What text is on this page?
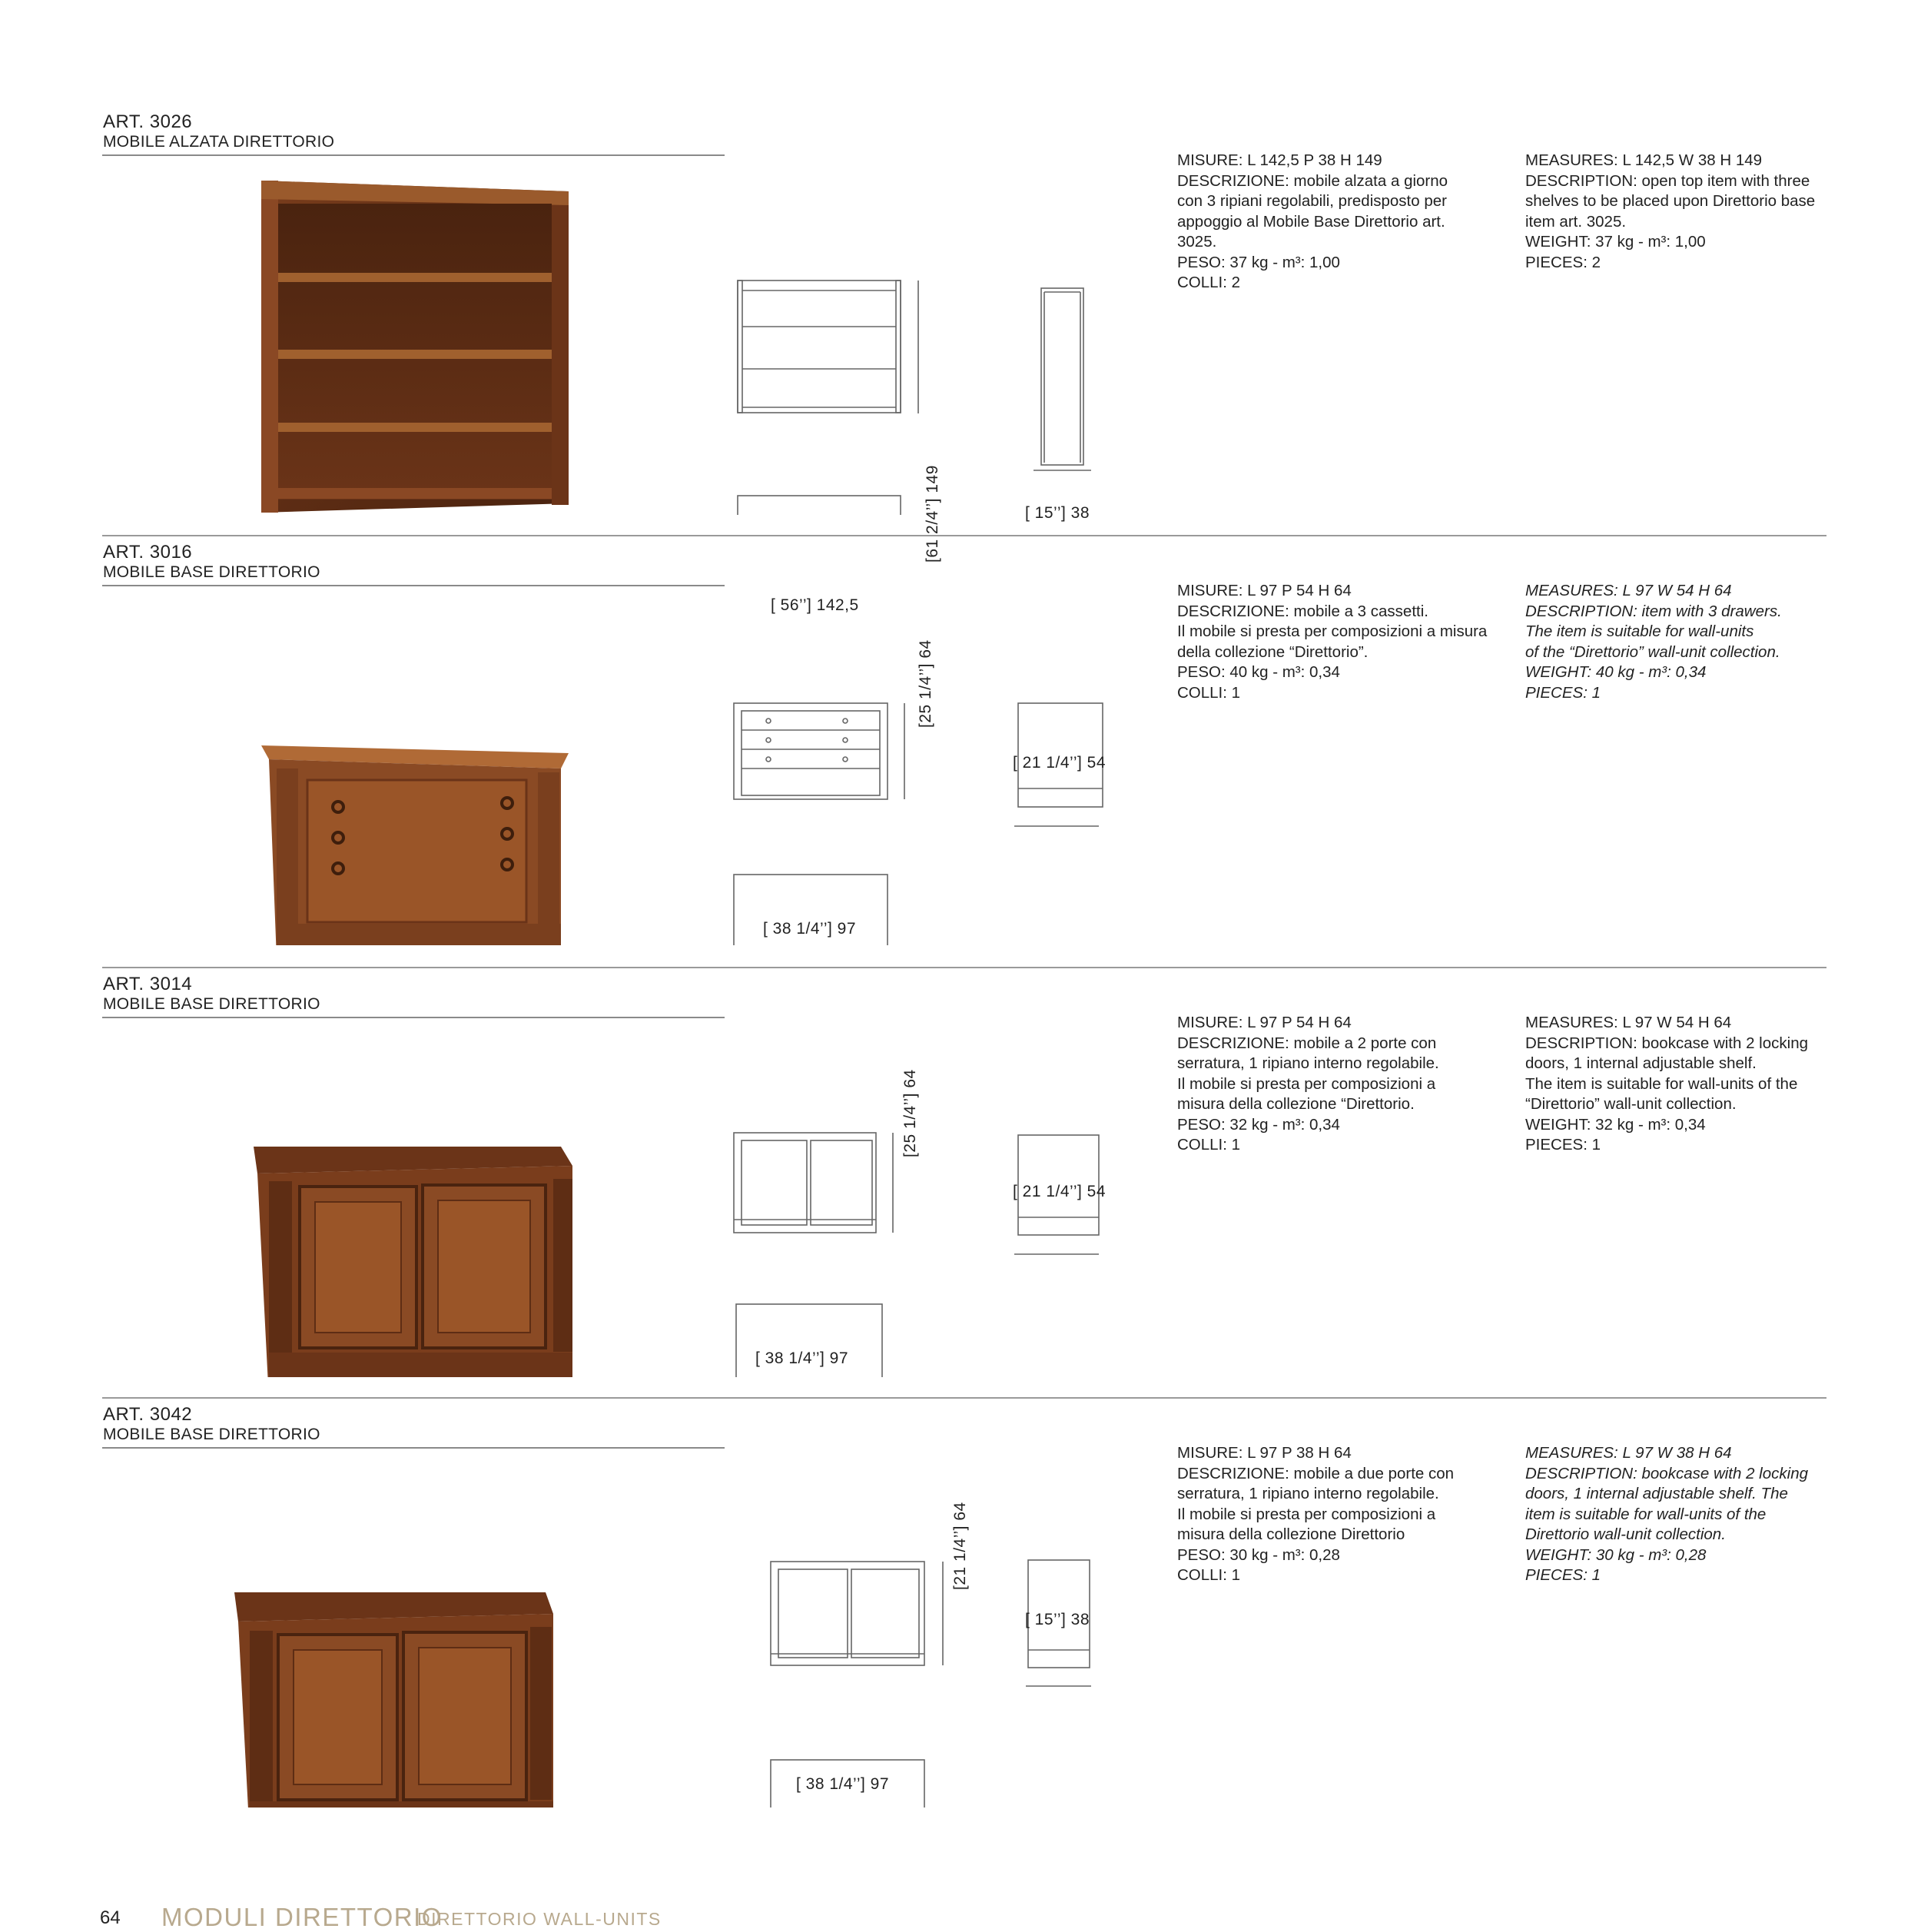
ART. 3026
MOBILE ALZATA DIRETTORIO
[61 2/4’’] 149	[ 15’’] 38
[ 56’’] 142,5
MISURE: L 142,5 P 38 H 149
DESCRIZIONE: mobile alzata a giorno
con 3 ripiani regolabili, predisposto per
appoggio al Mobile Base Direttorio art.
3025.
PESO: 37 kg - m³: 1,00
COLLI: 2
MEASURES: L 142,5 W 38 H 149
DESCRIPTION: open top item with three
shelves to be placed upon Direttorio base
item art. 3025.
WEIGHT: 37 kg - m³: 1,00
PIECES: 2
ART. 3016
MOBILE BASE DIRETTORIO
[25 1/4’’] 64
[ 21 1/4’’] 54
[ 38 1/4’’] 97
MISURE: L 97 P 54 H 64
DESCRIZIONE: mobile a 3 cassetti.
Il mobile si presta per composizioni a misura
della collezione “Direttorio”.
PESO: 40 kg - m³: 0,34
COLLI: 1
MEASURES: L 97 W 54 H 64
DESCRIPTION: item with 3 drawers.
The item is suitable for wall-units
of the “Direttorio” wall-unit collection.
WEIGHT: 40 kg - m³: 0,34
PIECES: 1
ART. 3014
MOBILE BASE DIRETTORIO
[25 1/4’’] 64
[ 21 1/4’’] 54
[ 38 1/4’’] 97
MISURE: L 97 P 54 H 64
DESCRIZIONE: mobile a 2 porte con
serratura, 1 ripiano interno regolabile.
Il mobile si presta per composizioni a
misura della collezione “Direttorio.
PESO: 32 kg - m³: 0,34
COLLI: 1
MEASURES: L 97 W 54 H 64
DESCRIPTION: bookcase with 2 locking
doors, 1 internal adjustable shelf.
The item is suitable for wall-units of the
“Direttorio” wall-unit collection.
WEIGHT: 32 kg - m³: 0,34
PIECES: 1
ART. 3042
MOBILE BASE DIRETTORIO
[21 1/4’’] 64
[ 15’’] 38
[ 38 1/4’’] 97
MISURE: L 97 P 38 H 64
DESCRIZIONE: mobile a due porte con
serratura, 1 ripiano interno regolabile.
Il mobile si presta per composizioni a
misura della collezione Direttorio
PESO: 30 kg - m³: 0,28
COLLI: 1
MEASURES: L 97 W 38 H 64
DESCRIPTION: bookcase with 2 locking
doors, 1 internal adjustable shelf. The
item is suitable for wall-units of the
Direttorio wall-unit collection.
WEIGHT: 30 kg - m³: 0,28
PIECES: 1
64 MODULI DIRETTORIO
DIRETTORIO WALL-UNITS
